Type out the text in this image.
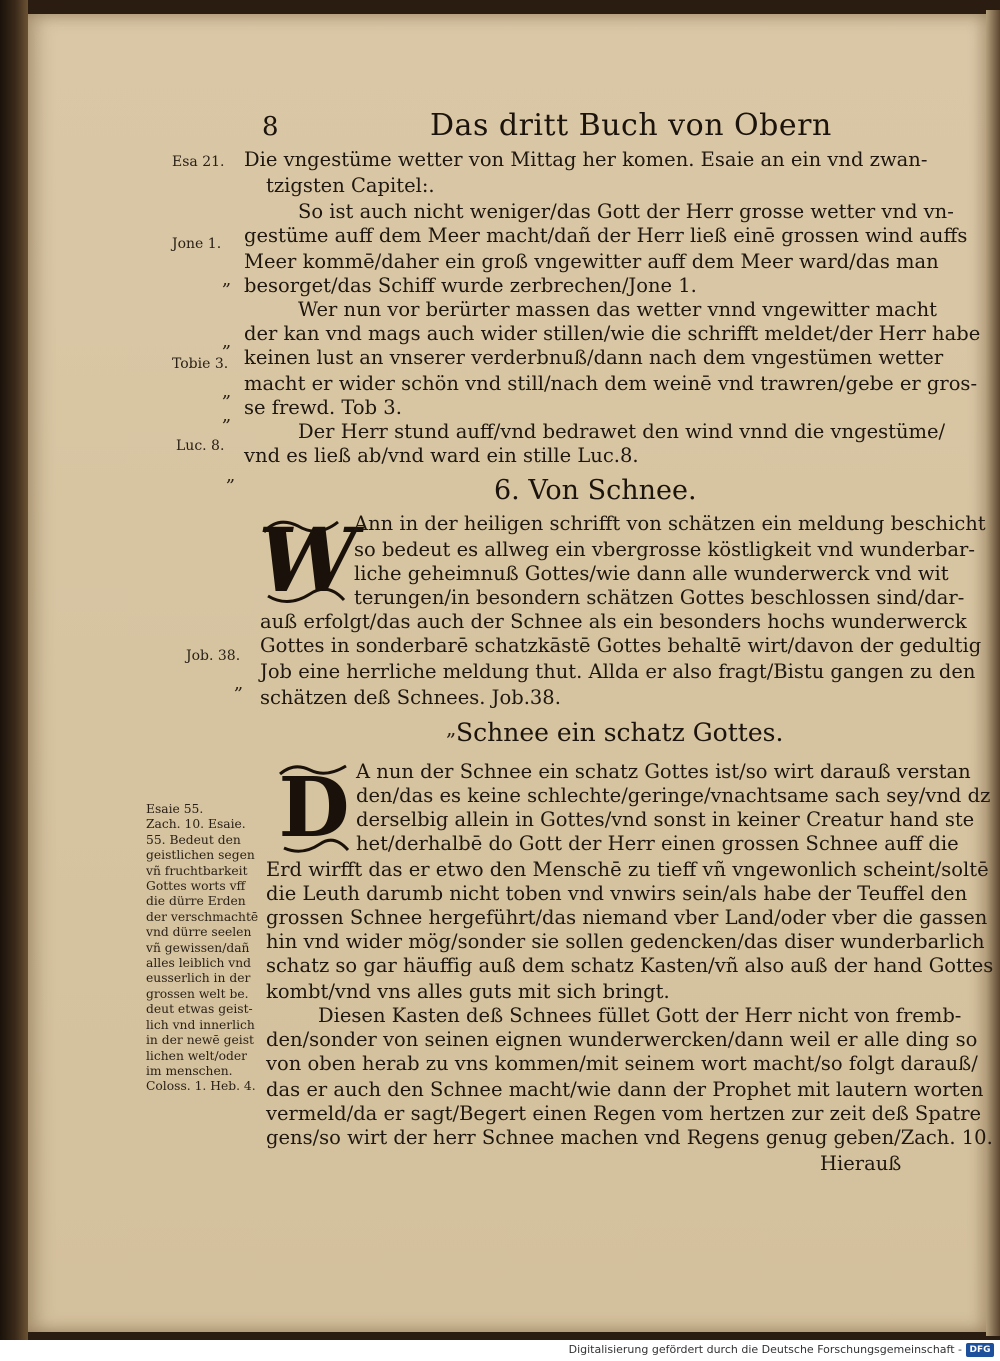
8	Das dritt Buch von Obern
Die vngestüme wetter von Mittag her komen. Esaie an ein vnd zwan-
tzigsten Capitel:.
So ist auch nicht weniger/das Gott der Herr grosse wetter vnd vn-
gestüme auff dem Meer macht/dañ der Herr ließ einē grossen wind auffs
Meer kommē/daher ein groß vngewitter auff dem Meer ward/das man
besorget/das Schiff wurde zerbrechen/Jone 1.
Wer nun vor berürter massen das wetter vnnd vngewitter macht
der kan vnd mags auch wider stillen/wie die schrifft meldet/der Herr habe
keinen lust an vnserer verderbnuß/dann nach dem vngestümen wetter
macht er wider schön vnd still/nach dem weinē vnd trawren/gebe er gros-
se frewd. Tob 3.
Der Herr stund auff/vnd bedrawet den wind vnnd die vngestüme/
vnd es ließ ab/vnd ward ein stille Luc.8.
Esa 21.
Jone 1.
„
„
Tobie 3.
„
„
Luc. 8.
„	6. Von Schnee.
W
Ann in der heiligen schrifft von schätzen ein meldung beschicht
so bedeut es allweg ein vbergrosse köstligkeit vnd wunderbar-
liche geheimnuß Gottes/wie dann alle wunderwerck vnd wit
terungen/in besondern schätzen Gottes beschlossen sind/dar-
auß erfolgt/das auch der Schnee als ein besonders hochs wunderwerck
Gottes in sonderbarē schatzkāstē Gottes behaltē wirt/davon der gedultig
Job eine herrliche meldung thut. Allda er also fragt/Bistu gangen zu den
schätzen deß Schnees. Job.38.
Job. 38.
„
„ Schnee ein schatz Gottes.
D A nun der Schnee ein schatz Gottes ist/so wirt darauß verstan
den/das es keine schlechte/geringe/vnachtsame sach sey/vnd dz
derselbig allein in Gottes/vnd sonst in keiner Creatur hand ste
het/derhalbē do Gott der Herr einen grossen Schnee auff die
Erd wirfft das er etwo den Menschē zu tieff vñ vngewonlich scheint/soltē
die Leuth darumb nicht toben vnd vnwirs sein/als habe der Teuffel den
grossen Schnee hergeführt/das niemand vber Land/oder vber die gassen
hin vnd wider mög/sonder sie sollen gedencken/das diser wunderbarlich
schatz so gar häuffig auß dem schatz Kasten/vñ also auß der hand Gottes
kombt/vnd vns alles guts mit sich bringt.
Diesen Kasten deß Schnees füllet Gott der Herr nicht von fremb-
den/sonder von seinen eignen wunderwercken/dann weil er alle ding so
von oben herab zu vns kommen/mit seinem wort macht/so folgt darauß/
das er auch den Schnee macht/wie dann der Prophet mit lautern worten
vermeld/da er sagt/Begert einen Regen vom hertzen zur zeit deß Spatre
gens/so wirt der herr Schnee machen vnd Regens genug geben/Zach. 10.
Hierauß
Esaie 55.
Zach. 10. Esaie.
55. Bedeut den
geistlichen segen
vñ fruchtbarkeit
Gottes worts vff
die dürre Erden
der verschmachtē
vnd dürre seelen
vñ gewissen/dañ
alles leiblich vnd
eusserlich in der
grossen welt be.
deut etwas geist-
lich vnd innerlich
in der newē geist
lichen welt/oder
im menschen.
Coloss. 1. Heb. 4.
Digitalisierung gefördert durch die Deutsche Forschungsgemeinschaft - DFG
